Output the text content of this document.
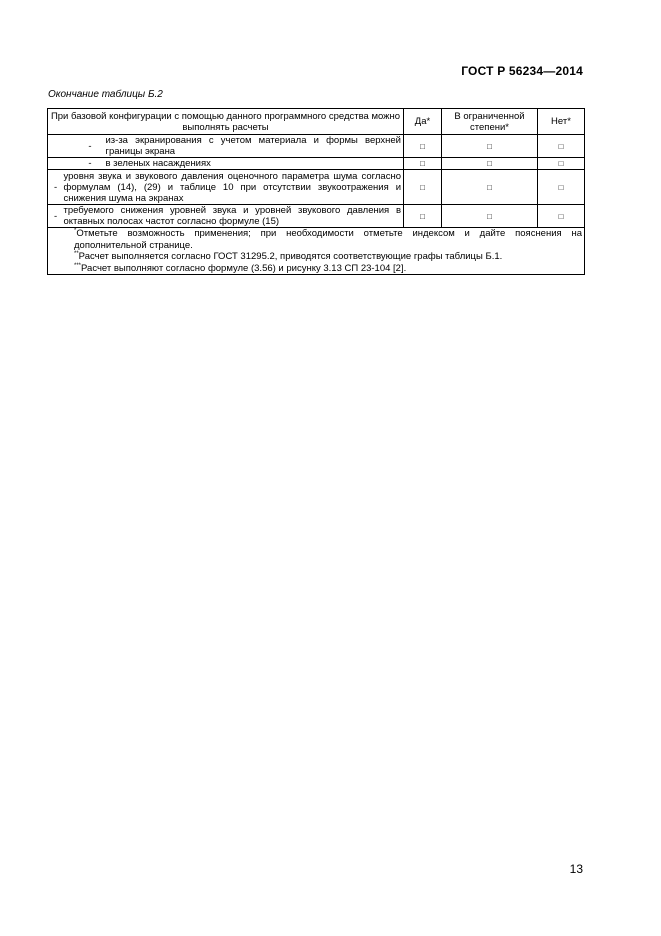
ГОСТ Р 56234—2014
Окончание таблицы Б.2
При базовой конфигурации с помощью данного программного средства можно выполнять расчеты		Да*	В ограниченной степени*	Нет*
-	из-за экранирования с учетом материала и формы верхней границы экрана	□	□	□
-	в зеленых насаждениях	□	□	□
-	уровня звука и звукового давления оценочного параметра шума согласно формулам (14), (29) и таблице 10 при отсутствии звукоотражения и снижения шума на экранах	□	□	□
-	требуемого снижения уровней звука и уровней звукового давления в октавных полосах частот согласно формуле (15)	□	□	□

*Отметьте возможность применения; при необходимости отметьте индексом и дайте пояснения на дополнительной странице.

**Расчет выполняется согласно ГОСТ 31295.2, приводятся соответствующие графы таблицы Б.1.

***Расчет выполняют согласно формуле (3.56) и рисунку 3.13 СП 23-104 [2].				

13
